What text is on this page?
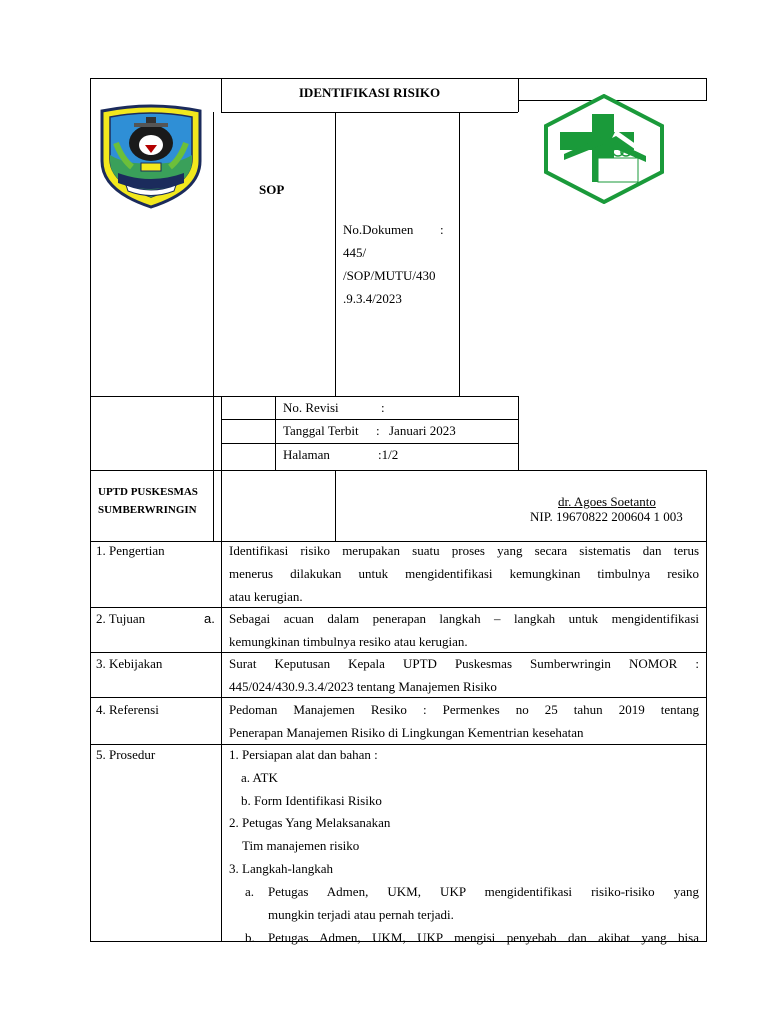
IDENTIFIKASI RISIKO
SOP
No.Dokumen :
445/
/SOP/MUTU/430
.9.3.4/2023
No. Revisi	:
Tanggal Terbit : Januari 2023
Halaman	:1/2
UPTD PUSKESMAS
SUMBERWRINGIN
dr. Agoes Soetanto
NIP. 19670822 200604 1 003
1. Pengertian	Identifikasi risiko merupakan suatu proses yang secara sistematis dan terus
menerus dilakukan untuk mengidentifikasi kemungkinan timbulnya resiko
atau kerugian.
2. Tujuan	a. Sebagai acuan dalam penerapan langkah – langkah untuk mengidentifikasi
kemungkinan timbulnya resiko atau kerugian.
3. Kebijakan	Surat Keputusan Kepala UPTD Puskesmas Sumberwringin NOMOR :
445/024/430.9.3.4/2023 tentang Manajemen Risiko
4. Referensi	Pedoman Manajemen Resiko : Permenkes no 25 tahun 2019 tentang
Penerapan Manajemen Risiko di Lingkungan Kementrian kesehatan
5. Prosedur	1. Persiapan alat dan bahan :
a. ATK
b. Form Identifikasi Risiko
2. Petugas Yang Melaksanakan
Tim manajemen risiko
3. Langkah-langkah
a. Petugas Admen, UKM, UKP mengidentifikasi risiko-risiko yang
mungkin terjadi atau pernah terjadi.
b. Petugas Admen, UKM, UKP mengisi penyebab dan akibat yang bisa
